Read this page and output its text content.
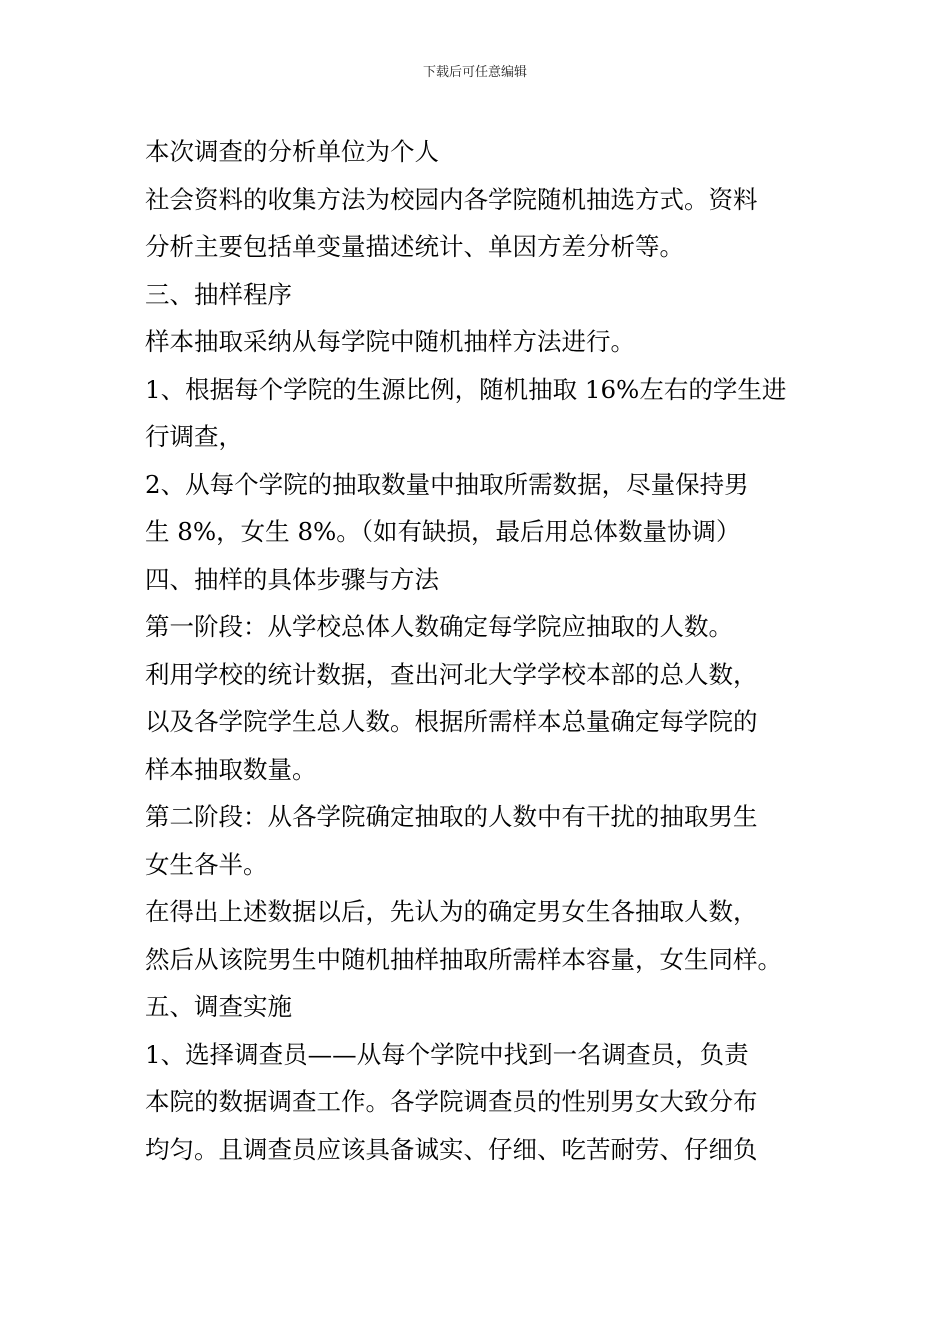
下载后可任意编辑

本次调查的分析单位为个人

社会资料的收集方法为校园内各学院随机抽选方式。资料
分析主要包括单变量描述统计、单因方差分析等。

三、抽样程序

样本抽取采纳从每学院中随机抽样方法进行。

1、根据每个学院的生源比例，随机抽取 16%左右的学生进
行调查，

2、从每个学院的抽取数量中抽取所需数据，尽量保持男
生 8%，女生 8%。（如有缺损，最后用总体数量协调）

四、抽样的具体步骤与方法

第一阶段：从学校总体人数确定每学院应抽取的人数。

利用学校的统计数据，查出河北大学学校本部的总人数，
以及各学院学生总人数。根据所需样本总量确定每学院的
样本抽取数量。

第二阶段：从各学院确定抽取的人数中有干扰的抽取男生
女生各半。

在得出上述数据以后，先认为的确定男女生各抽取人数，
然后从该院男生中随机抽样抽取所需样本容量，女生同样。

五、调查实施

1、选择调查员——从每个学院中找到一名调查员，负责
本院的数据调查工作。各学院调查员的性别男女大致分布
均匀。且调查员应该具备诚实、仔细、吃苦耐劳、仔细负
